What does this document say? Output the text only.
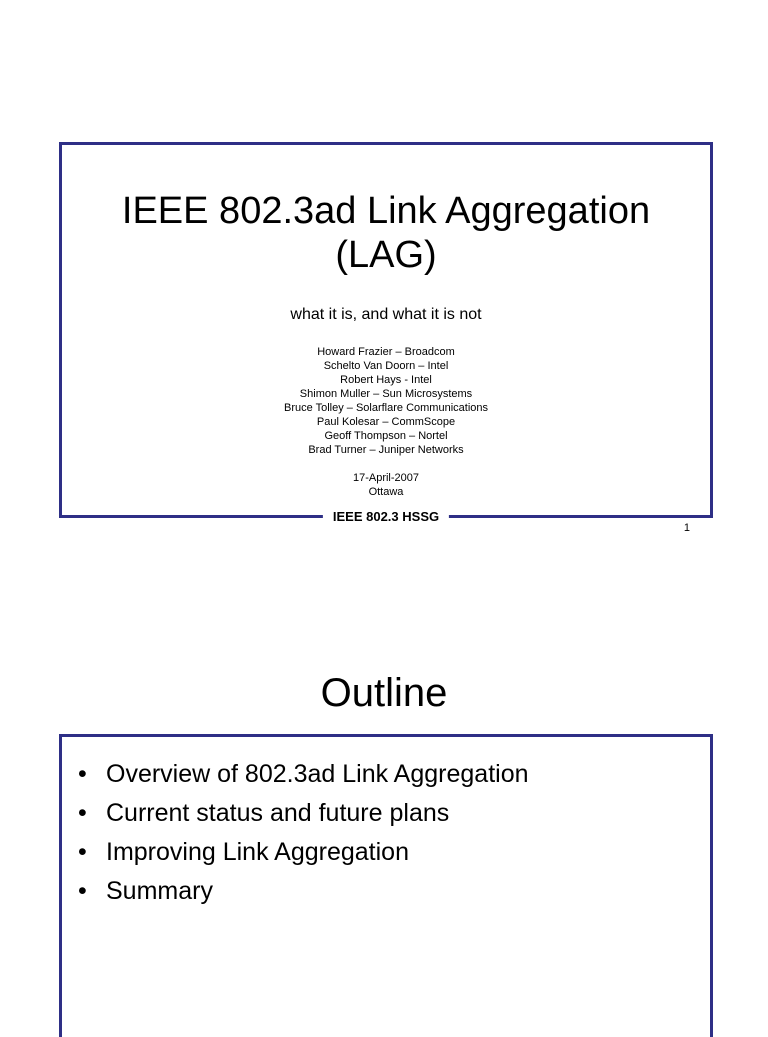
IEEE 802.3ad Link Aggregation
(LAG)
what it is, and what it is not
Howard Frazier – Broadcom
Schelto Van Doorn – Intel
Robert Hays - Intel
Shimon Muller – Sun Microsystems
Bruce Tolley – Solarflare Communications
Paul Kolesar – CommScope
Geoff Thompson – Nortel
Brad Turner – Juniper Networks
17-April-2007
Ottawa
IEEE 802.3 HSSG
1
Outline
• Overview of 802.3ad Link Aggregation
• Current status and future plans
• Improving Link Aggregation
• Summary
